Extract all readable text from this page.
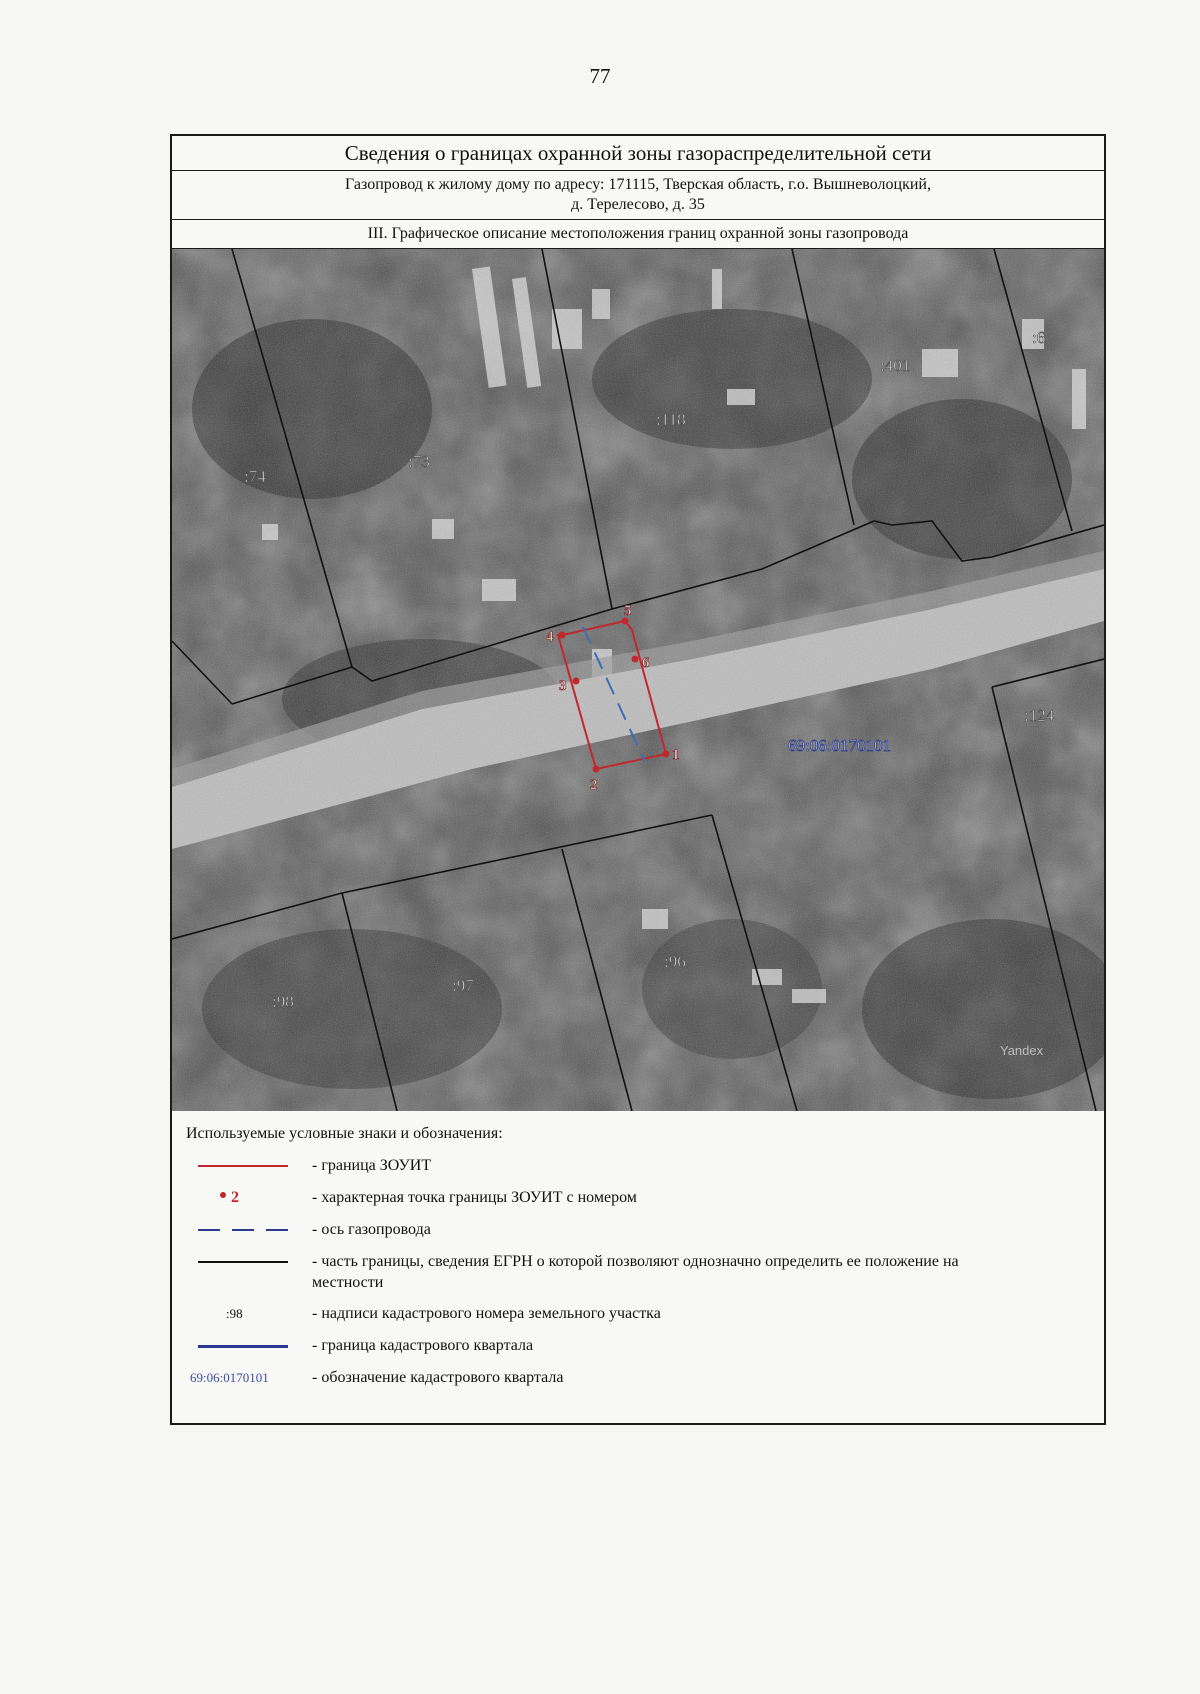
77
Сведения о границах охранной зоны газораспределительной сети
Газопровод к жилому дому по адресу: 171115, Тверская область, г.о. Вышневолоцкий,
д. Терелесово, д. 35
III. Графическое описание местоположения границ охранной зоны газопровода
1
2
3
4
5
6
:74
:73
:118
:401
:6
:124
:98
:97
:96
69:06:0170101
Yandex
Используемые условные знаки и обозначения:
- граница ЗОУИТ
2	- характерная точка границы ЗОУИТ с номером
- ось газопровода
- часть границы, сведения ЕГРН о которой позволяют однозначно определить ее положение на местности
:98	- надписи кадастрового номера земельного участка
- граница кадастрового квартала
69:06:0170101	- обозначение кадастрового квартала
